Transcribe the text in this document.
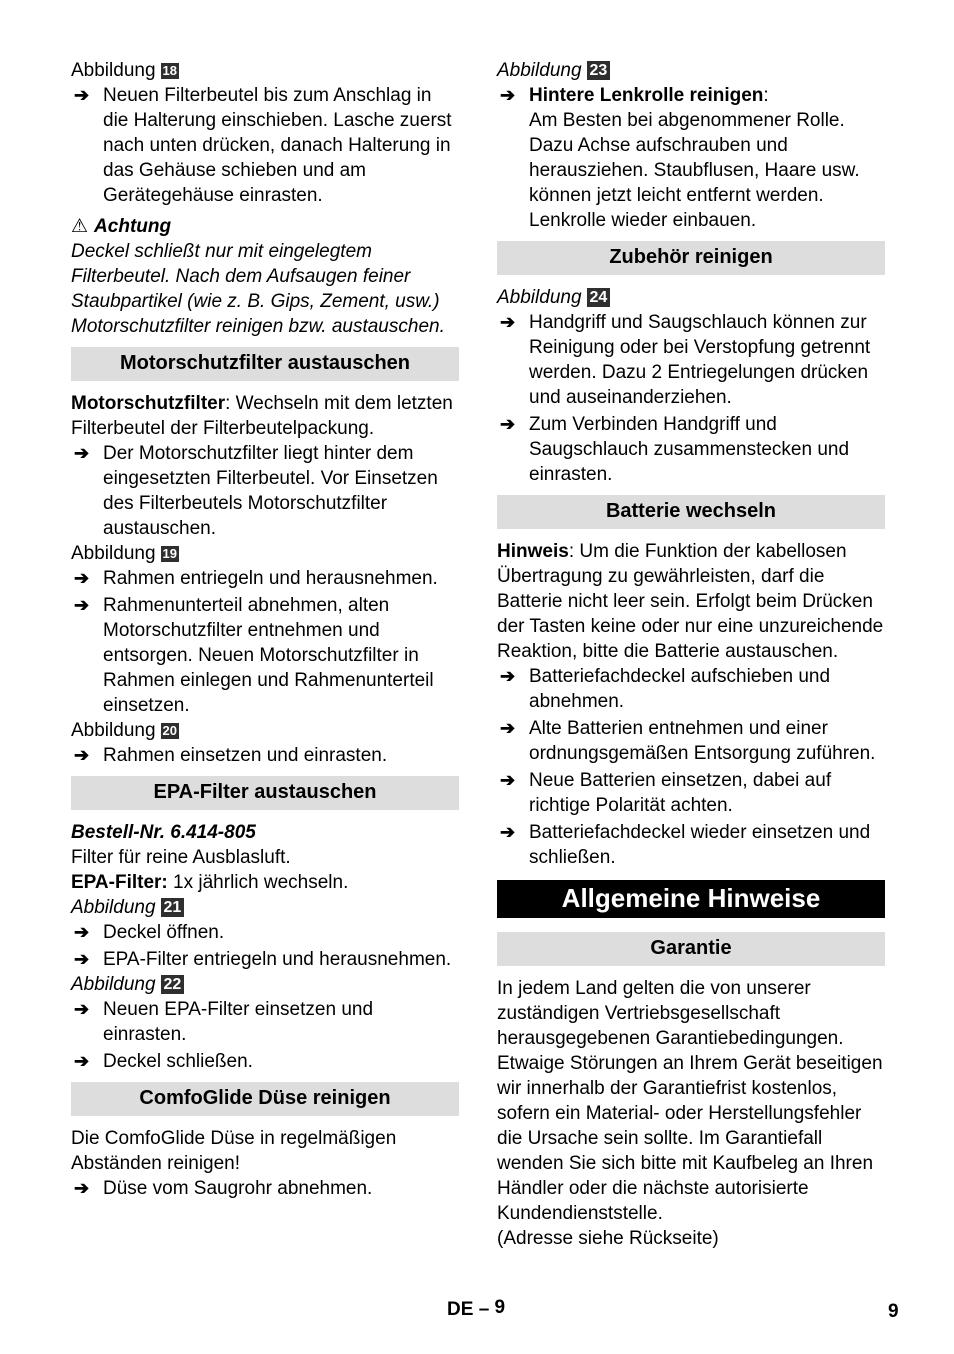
Abbildung 18

➔ Neuen Filterbeutel bis zum Anschlag in die Halterung einschieben. Lasche zuerst nach unten drücken, danach Halterung in das Gehäuse schieben und am Gerätegehäuse einrasten.

⚠ Achtung

Deckel schließt nur mit eingelegtem Filterbeutel. Nach dem Aufsaugen feiner Staubpartikel (wie z. B. Gips, Zement, usw.) Motorschutzfilter reinigen bzw. austauschen.

Motorschutzfilter austauschen

Motorschutzfilter: Wechseln mit dem letzten Filterbeutel der Filterbeutelpackung.

➔ Der Motorschutzfilter liegt hinter dem eingesetzten Filterbeutel. Vor Einsetzen des Filterbeutels Motorschutzfilter austauschen.

Abbildung 19

➔ Rahmen entriegeln und herausnehmen.

➔ Rahmenunterteil abnehmen, alten Motorschutzfilter entnehmen und entsorgen. Neuen Motorschutzfilter in Rahmen einlegen und Rahmenunterteil einsetzen.

Abbildung 20

➔ Rahmen einsetzen und einrasten.

EPA-Filter austauschen

Bestell-Nr. 6.414-805

Filter für reine Ausblasluft.

EPA-Filter: 1x jährlich wechseln.

Abbildung 21

➔ Deckel öffnen.

➔ EPA-Filter entriegeln und herausnehmen.

Abbildung 22

➔ Neuen EPA-Filter einsetzen und einrasten.

➔ Deckel schließen.

ComfoGlide Düse reinigen

Die ComfoGlide Düse in regelmäßigen Abständen reinigen!

➔ Düse vom Saugrohr abnehmen.

Abbildung 23

➔ Hintere Lenkrolle reinigen:

Am Besten bei abgenommener Rolle. Dazu Achse aufschrauben und herausziehen. Staubflusen, Haare usw. können jetzt leicht entfernt werden. Lenkrolle wieder einbauen.

Zubehör reinigen

Abbildung 24

➔ Handgriff und Saugschlauch können zur Reinigung oder bei Verstopfung getrennt werden. Dazu 2 Entriegelungen drücken und auseinanderziehen.

➔ Zum Verbinden Handgriff und Saugschlauch zusammenstecken und einrasten.

Batterie wechseln

Hinweis: Um die Funktion der kabellosen Übertragung zu gewährleisten, darf die Batterie nicht leer sein. Erfolgt beim Drücken der Tasten keine oder nur eine unzureichende Reaktion, bitte die Batterie austauschen.

➔ Batteriefachdeckel aufschieben und abnehmen.

➔ Alte Batterien entnehmen und einer ordnungsgemäßen Entsorgung zuführen.

➔ Neue Batterien einsetzen, dabei auf richtige Polarität achten.

➔ Batteriefachdeckel wieder einsetzen und schließen.

Allgemeine Hinweise
Garantie

In jedem Land gelten die von unserer zuständigen Vertriebsgesellschaft herausgegebenen Garantiebedingungen. Etwaige Störungen an Ihrem Gerät beseitigen wir innerhalb der Garantiefrist kostenlos, sofern ein Material- oder Herstellungsfehler die Ursache sein sollte. Im Garantiefall wenden Sie sich bitte mit Kaufbeleg an Ihren Händler oder die nächste autorisierte Kundendienststelle.

(Adresse siehe Rückseite)

DE – 9	9
